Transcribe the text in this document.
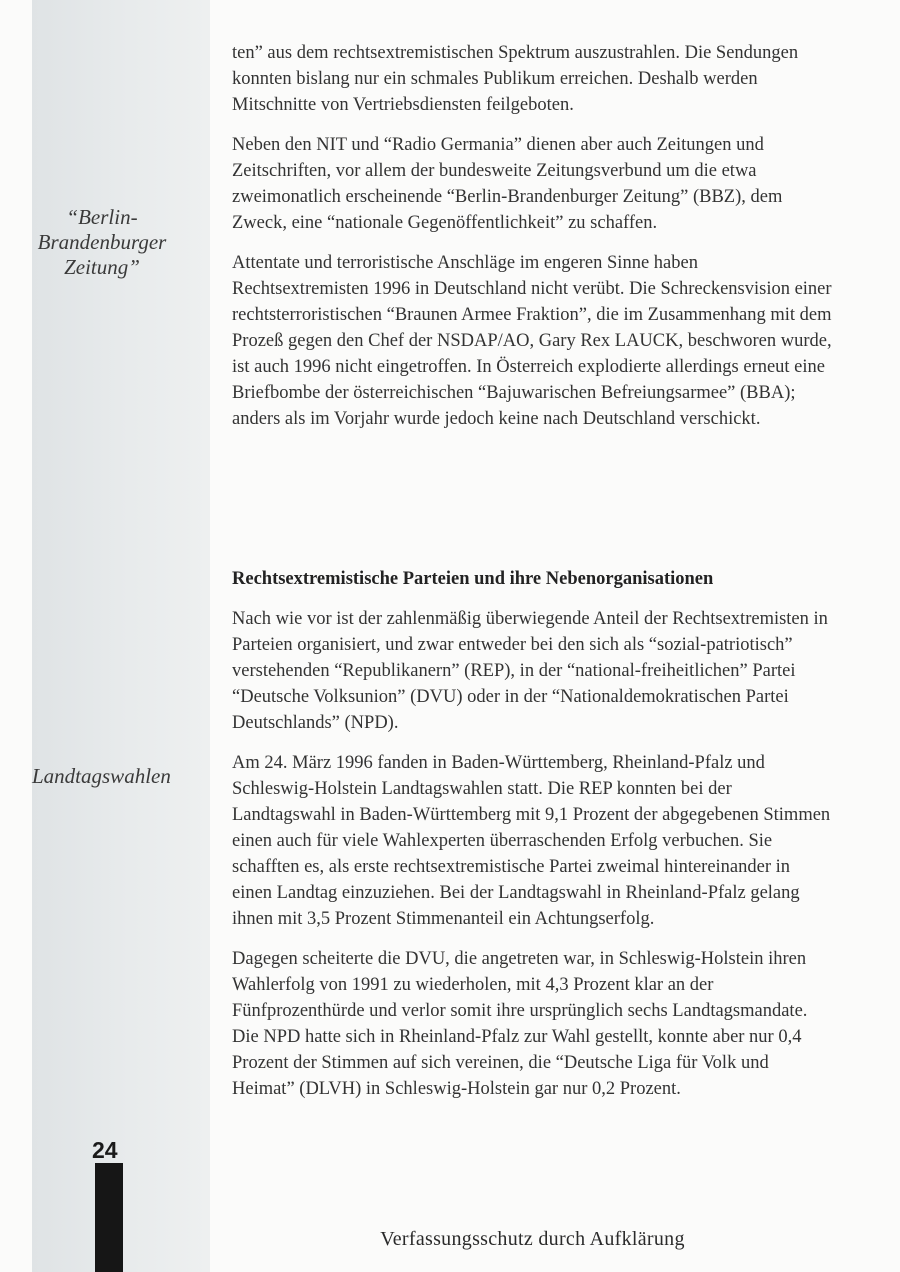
“Berlin-
Brandenburger
Zeitung”
Landtagswahlen

ten” aus dem rechtsextremistischen Spektrum auszustrahlen. Die Sendungen konnten bislang nur ein schmales Publikum erreichen. Deshalb werden Mitschnitte von Vertriebsdiensten feilgeboten.

Neben den NIT und “Radio Germania” dienen aber auch Zeitungen und Zeitschriften, vor allem der bundesweite Zeitungsverbund um die etwa zweimonatlich erscheinende “Berlin-Brandenburger Zeitung” (BBZ), dem Zweck, eine “nationale Gegenöffentlichkeit” zu schaffen.

Attentate und terroristische Anschläge im engeren Sinne haben Rechtsextremisten 1996 in Deutschland nicht verübt. Die Schreckensvision einer rechtsterroristischen “Braunen Armee Fraktion”, die im Zusammenhang mit dem Prozeß gegen den Chef der NSDAP/AO, Gary Rex LAUCK, beschworen wurde, ist auch 1996 nicht eingetroffen. In Österreich explodierte allerdings erneut eine Briefbombe der österreichischen “Bajuwarischen Befreiungsarmee” (BBA); anders als im Vorjahr wurde jedoch keine nach Deutschland verschickt.

Rechtsextremistische Parteien und ihre Nebenorganisationen

Nach wie vor ist der zahlenmäßig überwiegende Anteil der Rechtsextremisten in Parteien organisiert, und zwar entweder bei den sich als “sozial-patriotisch” verstehenden “Republikanern” (REP), in der “national-freiheitlichen” Partei “Deutsche Volksunion” (DVU) oder in der “Nationaldemokratischen Partei Deutschlands” (NPD).

Am 24. März 1996 fanden in Baden-Württemberg, Rheinland-Pfalz und Schleswig-Holstein Landtagswahlen statt. Die REP konnten bei der Landtagswahl in Baden-Württemberg mit 9,1 Prozent der abgegebenen Stimmen einen auch für viele Wahlexperten überraschenden Erfolg verbuchen. Sie schafften es, als erste rechtsextremistische Partei zweimal hintereinander in einen Landtag einzuziehen. Bei der Landtagswahl in Rheinland-Pfalz gelang ihnen mit 3,5 Prozent Stimmenanteil ein Achtungserfolg.

Dagegen scheiterte die DVU, die angetreten war, in Schleswig-Holstein ihren Wahlerfolg von 1991 zu wiederholen, mit 4,3 Prozent klar an der Fünfprozenthürde und verlor somit ihre ursprünglich sechs Landtagsmandate. Die NPD hatte sich in Rheinland-Pfalz zur Wahl gestellt, konnte aber nur 0,4 Prozent der Stimmen auf sich vereinen, die “Deutsche Liga für Volk und Heimat” (DLVH) in Schleswig-Holstein gar nur 0,2 Prozent.

24
Verfassungsschutz durch Aufklärung
